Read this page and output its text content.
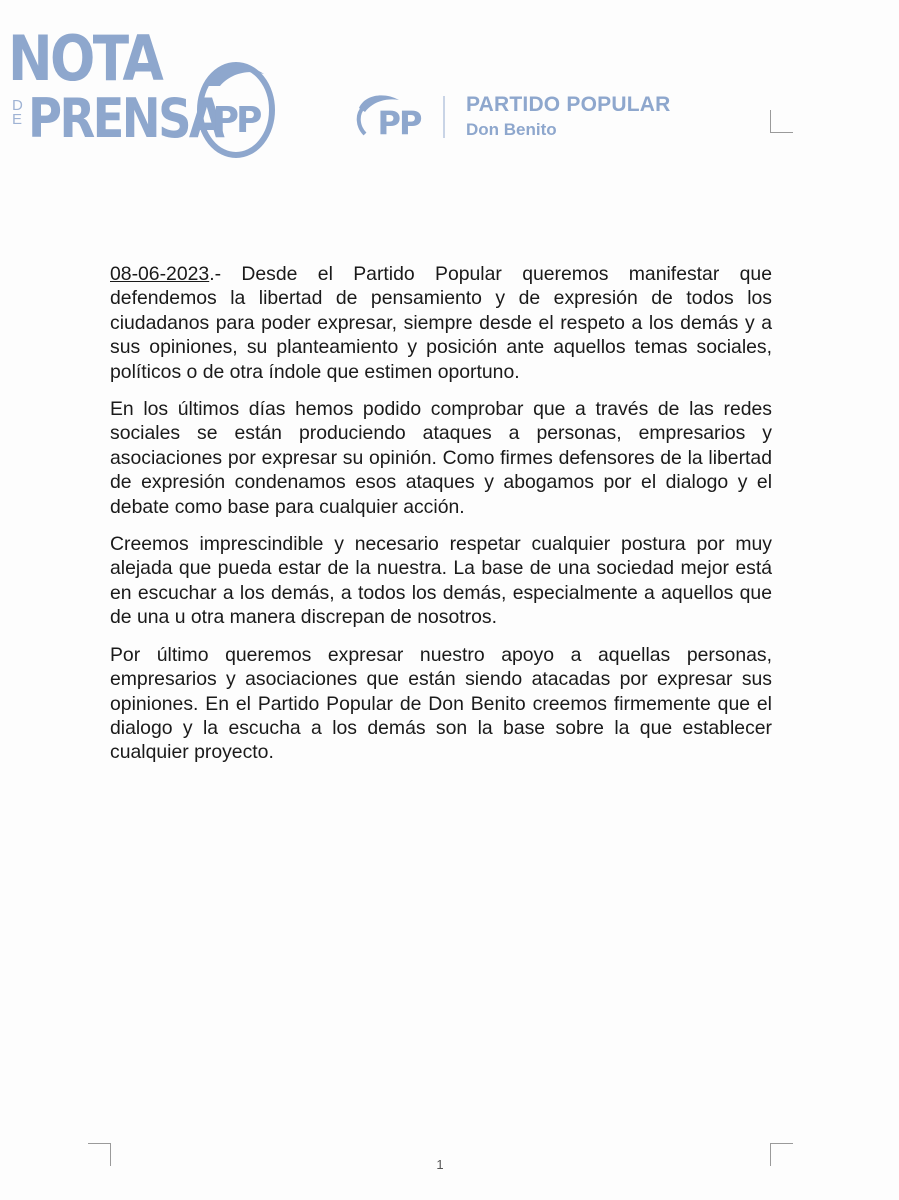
NOTA
DE PRENSA
PP	PP PARTIDO POPULAR
Don Benito

08-06-2023.- Desde el Partido Popular queremos manifestar que defendemos la libertad de pensamiento y de expresión de todos los ciudadanos para poder expresar, siempre desde el respeto a los demás y a sus opiniones, su planteamiento y posición ante aquellos temas sociales, políticos o de otra índole que estimen oportuno.

En los últimos días hemos podido comprobar que a través de las redes sociales se están produciendo ataques a personas, empresarios y asociaciones por expresar su opinión. Como firmes defensores de la libertad de expresión condenamos esos ataques y abogamos por el dialogo y el debate como base para cualquier acción.

Creemos imprescindible y necesario respetar cualquier postura por muy alejada que pueda estar de la nuestra. La base de una sociedad mejor está en escuchar a los demás, a todos los demás, especialmente a aquellos que de una u otra manera discrepan de nosotros.

Por último queremos expresar nuestro apoyo a aquellas personas, empresarios y asociaciones que están siendo atacadas por expresar sus opiniones. En el Partido Popular de Don Benito creemos firmemente que el dialogo y la escucha a los demás son la base sobre la que establecer cualquier proyecto.

1
